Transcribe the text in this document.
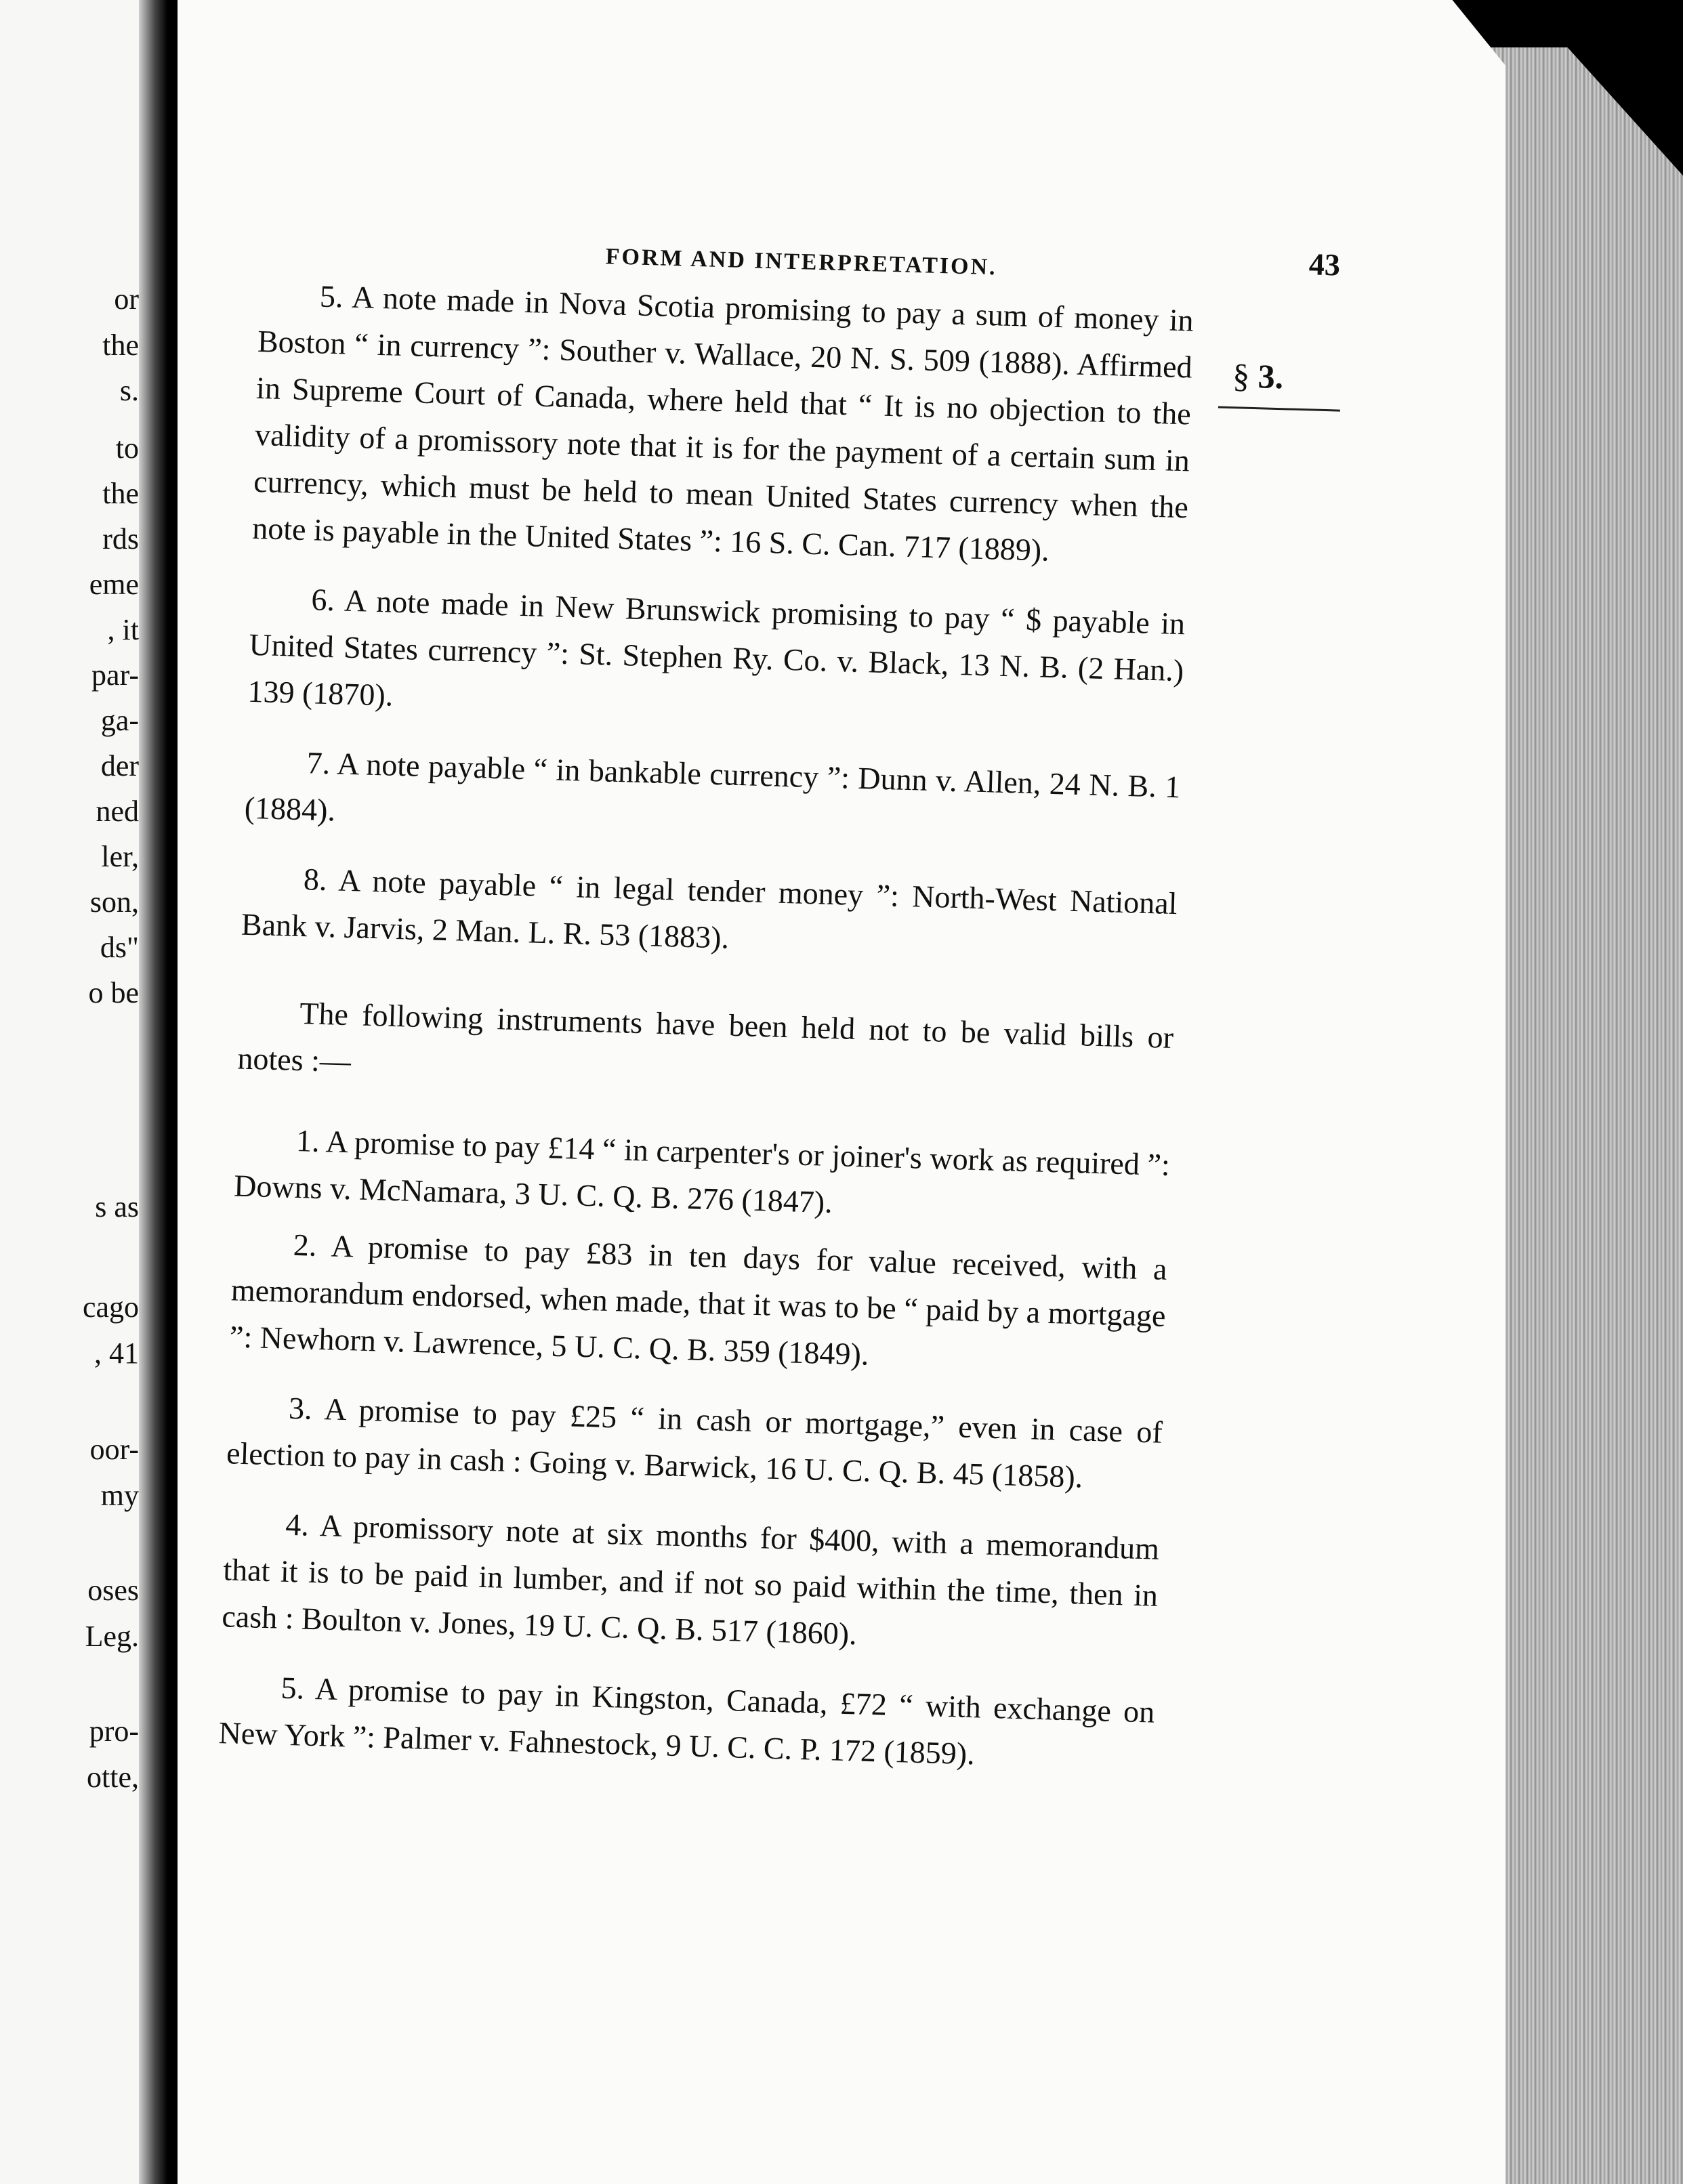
or
the
s.
to
the
rds
eme
, it
par-
ga-
der
ned
ler,
son,
ds"
o be
s as
cago
, 41
oor-
my
oses
Leg.
pro-
otte,
FORM AND INTERPRETATION.	43
§ 3.

5. A note made in Nova Scotia promising to pay a sum of money in Boston “ in currency ”: Souther v. Wallace, 20 N. S. 509 (1888). Affirmed in Supreme Court of Canada, where held that “ It is no objection to the validity of a promissory note that it is for the payment of a certain sum in currency, which must be held to mean United States currency when the note is payable in the United States ”: 16 S. C. Can. 717 (1889).

6. A note made in New Brunswick promising to pay “ $ payable in United States currency ”: St. Stephen Ry. Co. v. Black, 13 N. B. (2 Han.) 139 (1870).

7. A note payable “ in bankable currency ”: Dunn v. Allen, 24 N. B. 1 (1884).

8. A note payable “ in legal tender money ”: North-West National Bank v. Jarvis, 2 Man. L. R. 53 (1883).

The following instruments have been held not to be valid bills or notes :—

1. A promise to pay £14 “ in carpenter's or joiner's work as required ”: Downs v. McNamara, 3 U. C. Q. B. 276 (1847).

2. A promise to pay £83 in ten days for value received, with a memorandum endorsed, when made, that it was to be “ paid by a mortgage ”: Newhorn v. Lawrence, 5 U. C. Q. B. 359 (1849).

3. A promise to pay £25 “ in cash or mortgage,” even in case of election to pay in cash : Going v. Barwick, 16 U. C. Q. B. 45 (1858).

4. A promissory note at six months for $400, with a memorandum that it is to be paid in lumber, and if not so paid within the time, then in cash : Boulton v. Jones, 19 U. C. Q. B. 517 (1860).

5. A promise to pay in Kingston, Canada, £72 “ with exchange on New York ”: Palmer v. Fahnestock, 9 U. C. C. P. 172 (1859).
